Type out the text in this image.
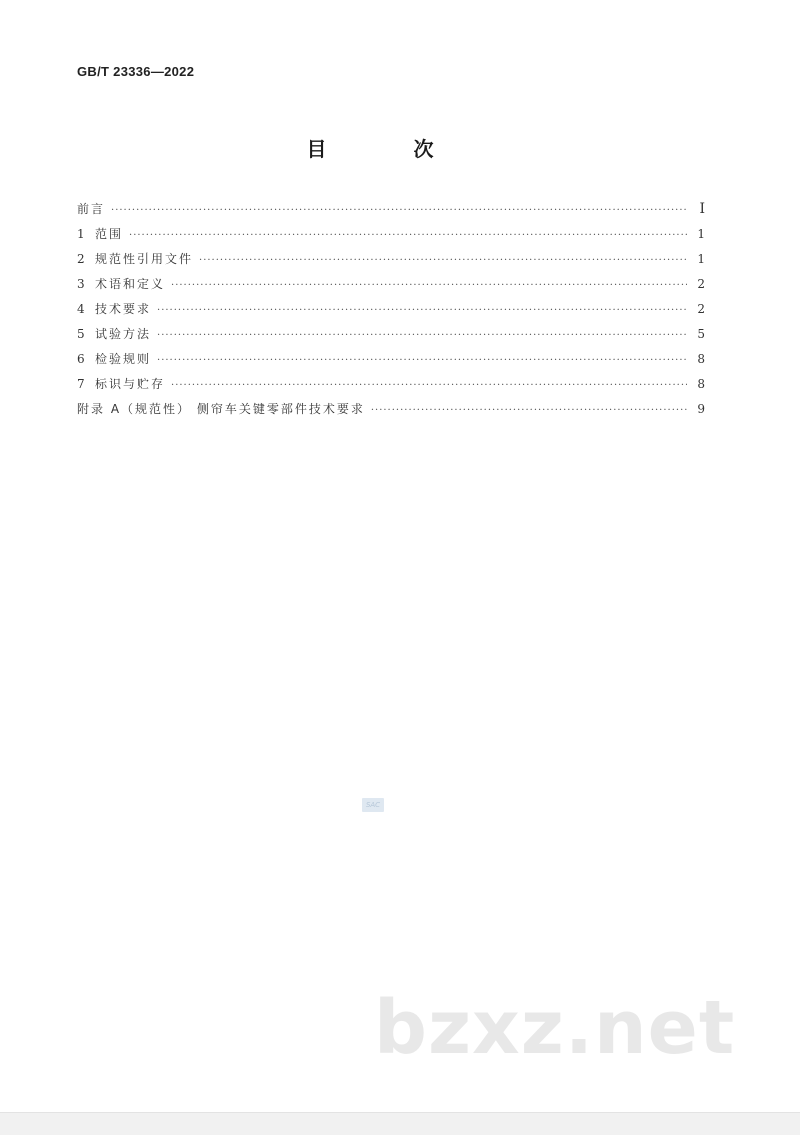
GB/T 23336—2022
目 次
前言 ·····	I
1 范围 ·····	1
2 规范性引用文件 ·····	1
3 术语和定义 ·····	2
4 技术要求 ·····	2
5 试验方法 ·····	5
6 检验规则 ·····	8
7 标识与贮存 ·····	8
附录 A（规范性） 侧帘车关键零部件技术要求 ·····	9
SAC
bzxz.net
